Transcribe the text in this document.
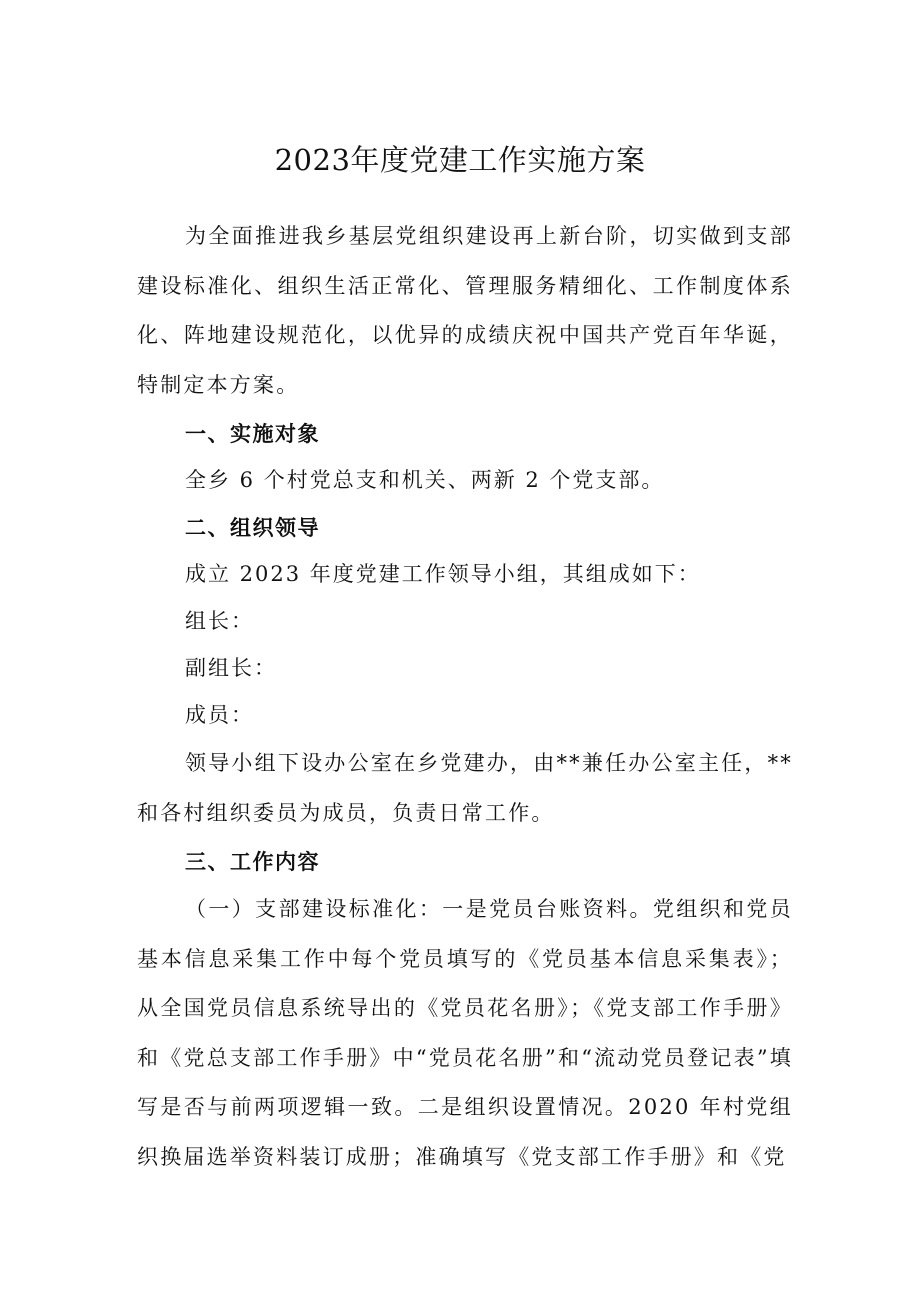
2023年度党建工作实施方案

为全面推进我乡基层党组织建设再上新台阶，切实做到支部建设标准化、组织生活正常化、管理服务精细化、工作制度体系化、阵地建设规范化，以优异的成绩庆祝中国共产党百年华诞，特制定本方案。

一、实施对象

全乡 6 个村党总支和机关、两新 2 个党支部。

二、组织领导

成立 2023 年度党建工作领导小组，其组成如下：

组长：

副组长：

成员：

领导小组下设办公室在乡党建办，由**兼任办公室主任，**和各村组织委员为成员，负责日常工作。

三、工作内容

（一）支部建设标准化：一是党员台账资料。党组织和党员基本信息采集工作中每个党员填写的《党员基本信息采集表》；从全国党员信息系统导出的《党员花名册》；《党支部工作手册》和《党总支部工作手册》中“党员花名册”和“流动党员登记表”填写是否与前两项逻辑一致。二是组织设置情况。2020 年村党组织换届选举资料装订成册；准确填写《党支部工作手册》和《党
